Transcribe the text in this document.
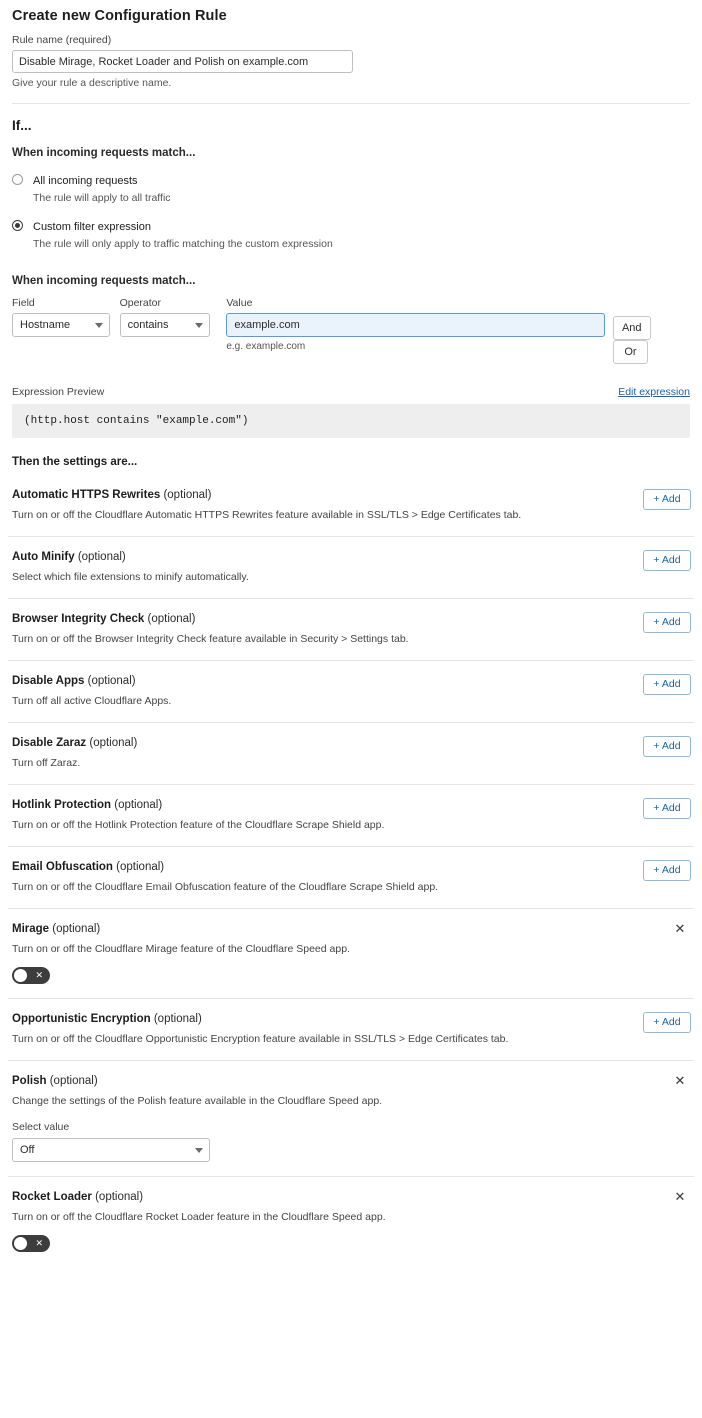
Create new Configuration Rule
Rule name (required)
Disable Mirage, Rocket Loader and Polish on example.com
Give your rule a descriptive name.
If...
When incoming requests match...
All incoming requests
The rule will apply to all traffic
Custom filter expression
The rule will only apply to traffic matching the custom expression
When incoming requests match...
Field
Hostname
Operator
contains
Value
example.com
e.g. example.com
And Or
Expression Preview	Edit expression
(http.host contains "example.com")
Then the settings are...
Automatic HTTPS Rewrites (optional)
Turn on or off the Cloudflare Automatic HTTPS Rewrites feature available in SSL/TLS > Edge Certificates tab.
+ Add
Auto Minify (optional)
Select which file extensions to minify automatically.
+ Add
Browser Integrity Check (optional)
Turn on or off the Browser Integrity Check feature available in Security > Settings tab.
+ Add
Disable Apps (optional)
Turn off all active Cloudflare Apps.
+ Add
Disable Zaraz (optional)
Turn off Zaraz.
+ Add
Hotlink Protection (optional)
Turn on or off the Hotlink Protection feature of the Cloudflare Scrape Shield app.
+ Add
Email Obfuscation (optional)
Turn on or off the Cloudflare Email Obfuscation feature of the Cloudflare Scrape Shield app.
+ Add
Mirage (optional)
Turn on or off the Cloudflare Mirage feature of the Cloudflare Speed app.
✕
✕
Opportunistic Encryption (optional)
Turn on or off the Cloudflare Opportunistic Encryption feature available in SSL/TLS > Edge Certificates tab.
+ Add
Polish (optional)
Change the settings of the Polish feature available in the Cloudflare Speed app.
✕
Select value
Off
Rocket Loader (optional)
Turn on or off the Cloudflare Rocket Loader feature in the Cloudflare Speed app.
✕
✕
